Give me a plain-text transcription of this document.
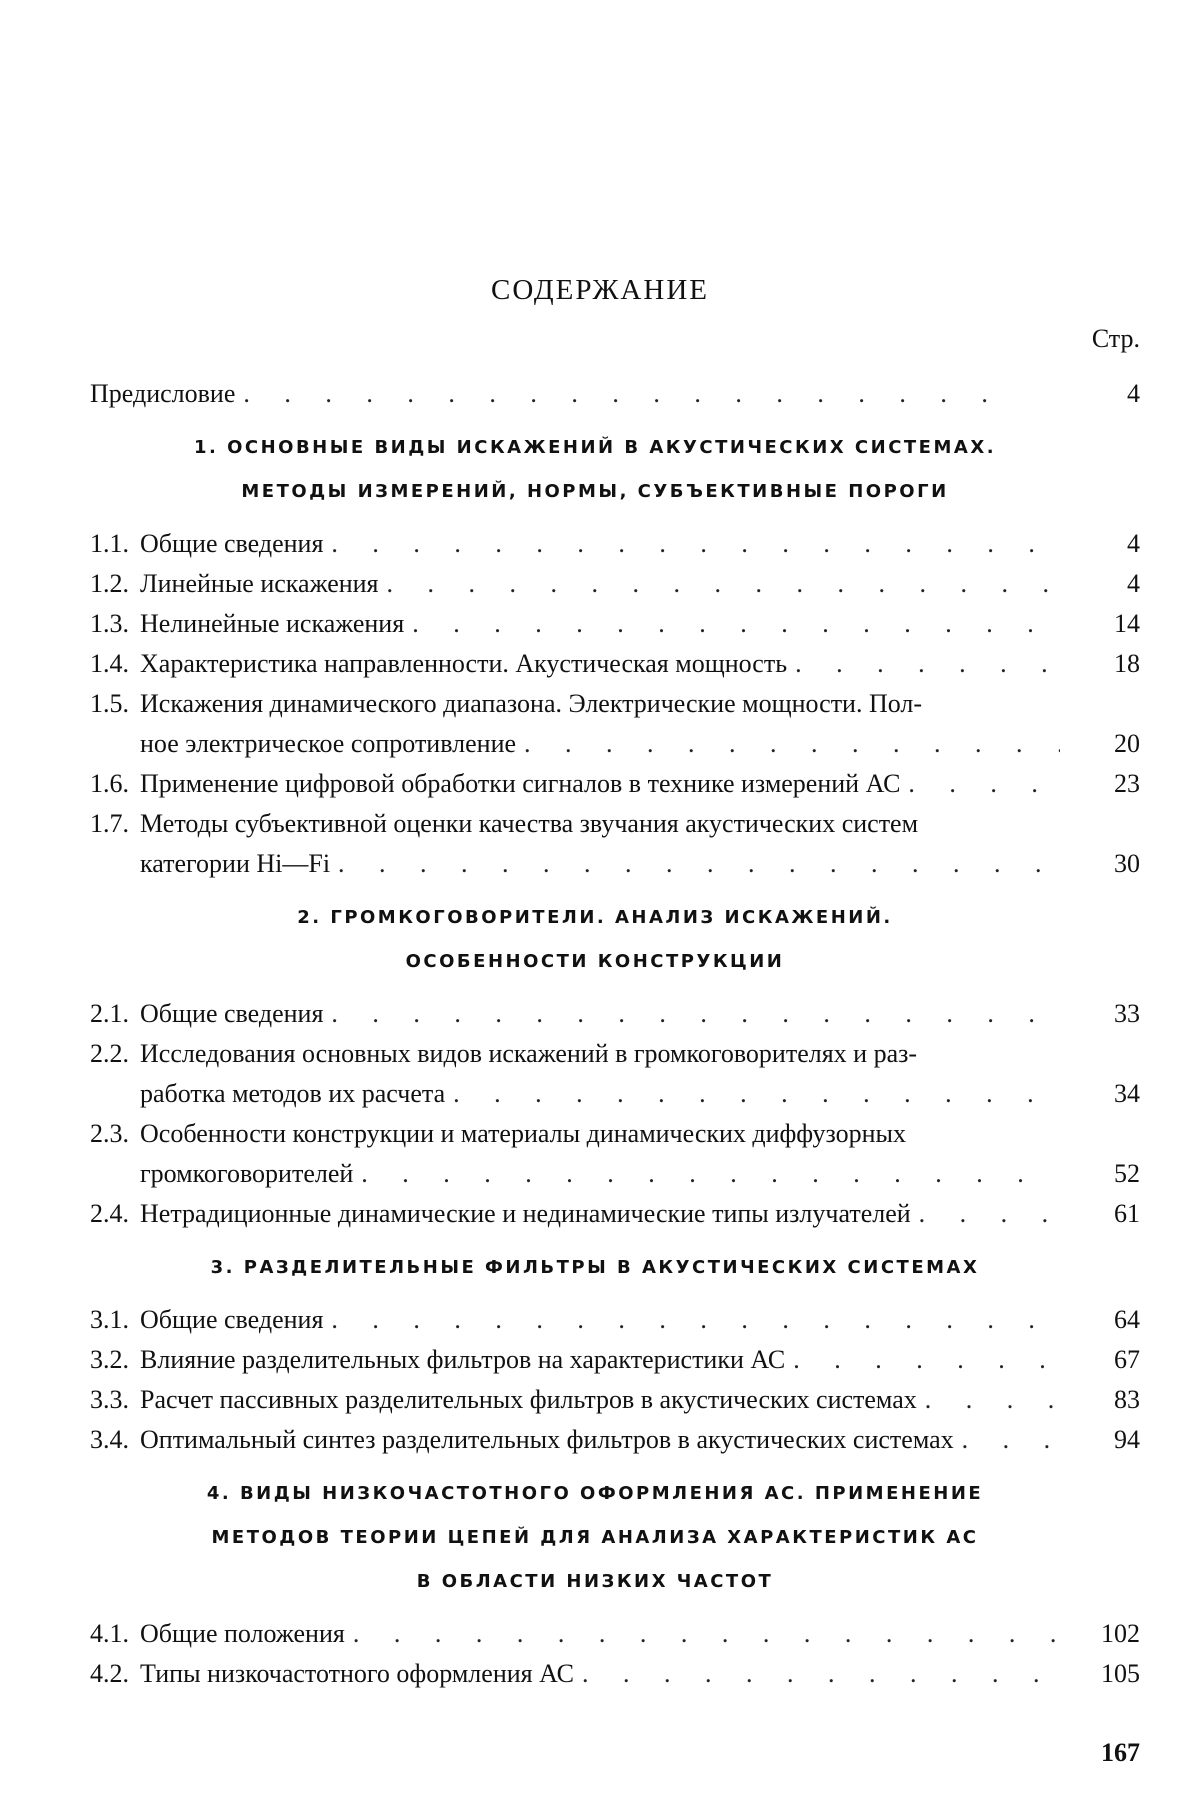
СОДЕРЖАНИЕ
Стр.
Предисловие . . .	4
1. ОСНОВНЫЕ ВИДЫ ИСКАЖЕНИЙ В АКУСТИЧЕСКИХ СИСТЕМАХ.
МЕТОДЫ ИЗМЕРЕНИЙ, НОРМЫ, СУБЪЕКТИВНЫЕ ПОРОГИ
1.1. Общие сведения . . .	4
1.2. Линейные искажения . . .	4
1.3. Нелинейные искажения . . .	14
1.4. Характеристика направленности. Акустическая мощность . . .	18
1.5. Искажения динамического диапазона. Электрические мощности. Пол-
ное электрическое сопротивление . . .	20
1.6. Применение цифровой обработки сигналов в технике измерений АС . . .	23
1.7. Методы субъективной оценки качества звучания акустических систем
категории Hi—Fi . . .	30
2. ГРОМКОГОВОРИТЕЛИ. АНАЛИЗ ИСКАЖЕНИЙ.
ОСОБЕННОСТИ КОНСТРУКЦИИ
2.1. Общие сведения . . .	33
2.2. Исследования основных видов искажений в громкоговорителях и раз-
работка методов их расчета . . .	34
2.3. Особенности конструкции и материалы динамических диффузорных
громкоговорителей . . .	52
2.4. Нетрадиционные динамические и нединамические типы излучателей . . .	61
3. РАЗДЕЛИТЕЛЬНЫЕ ФИЛЬТРЫ В АКУСТИЧЕСКИХ СИСТЕМАХ
3.1. Общие сведения . . .	64
3.2. Влияние разделительных фильтров на характеристики АС . . .	67
3.3. Расчет пассивных разделительных фильтров в акустических системах . . .	83
3.4. Оптимальный синтез разделительных фильтров в акустических системах . . .	94
4. ВИДЫ НИЗКОЧАСТОТНОГО ОФОРМЛЕНИЯ АС. ПРИМЕНЕНИЕ
МЕТОДОВ ТЕОРИИ ЦЕПЕЙ ДЛЯ АНАЛИЗА ХАРАКТЕРИСТИК АС
В ОБЛАСТИ НИЗКИХ ЧАСТОТ
4.1. Общие положения . . .	102
4.2. Типы низкочастотного оформления АС . . .	105
167
